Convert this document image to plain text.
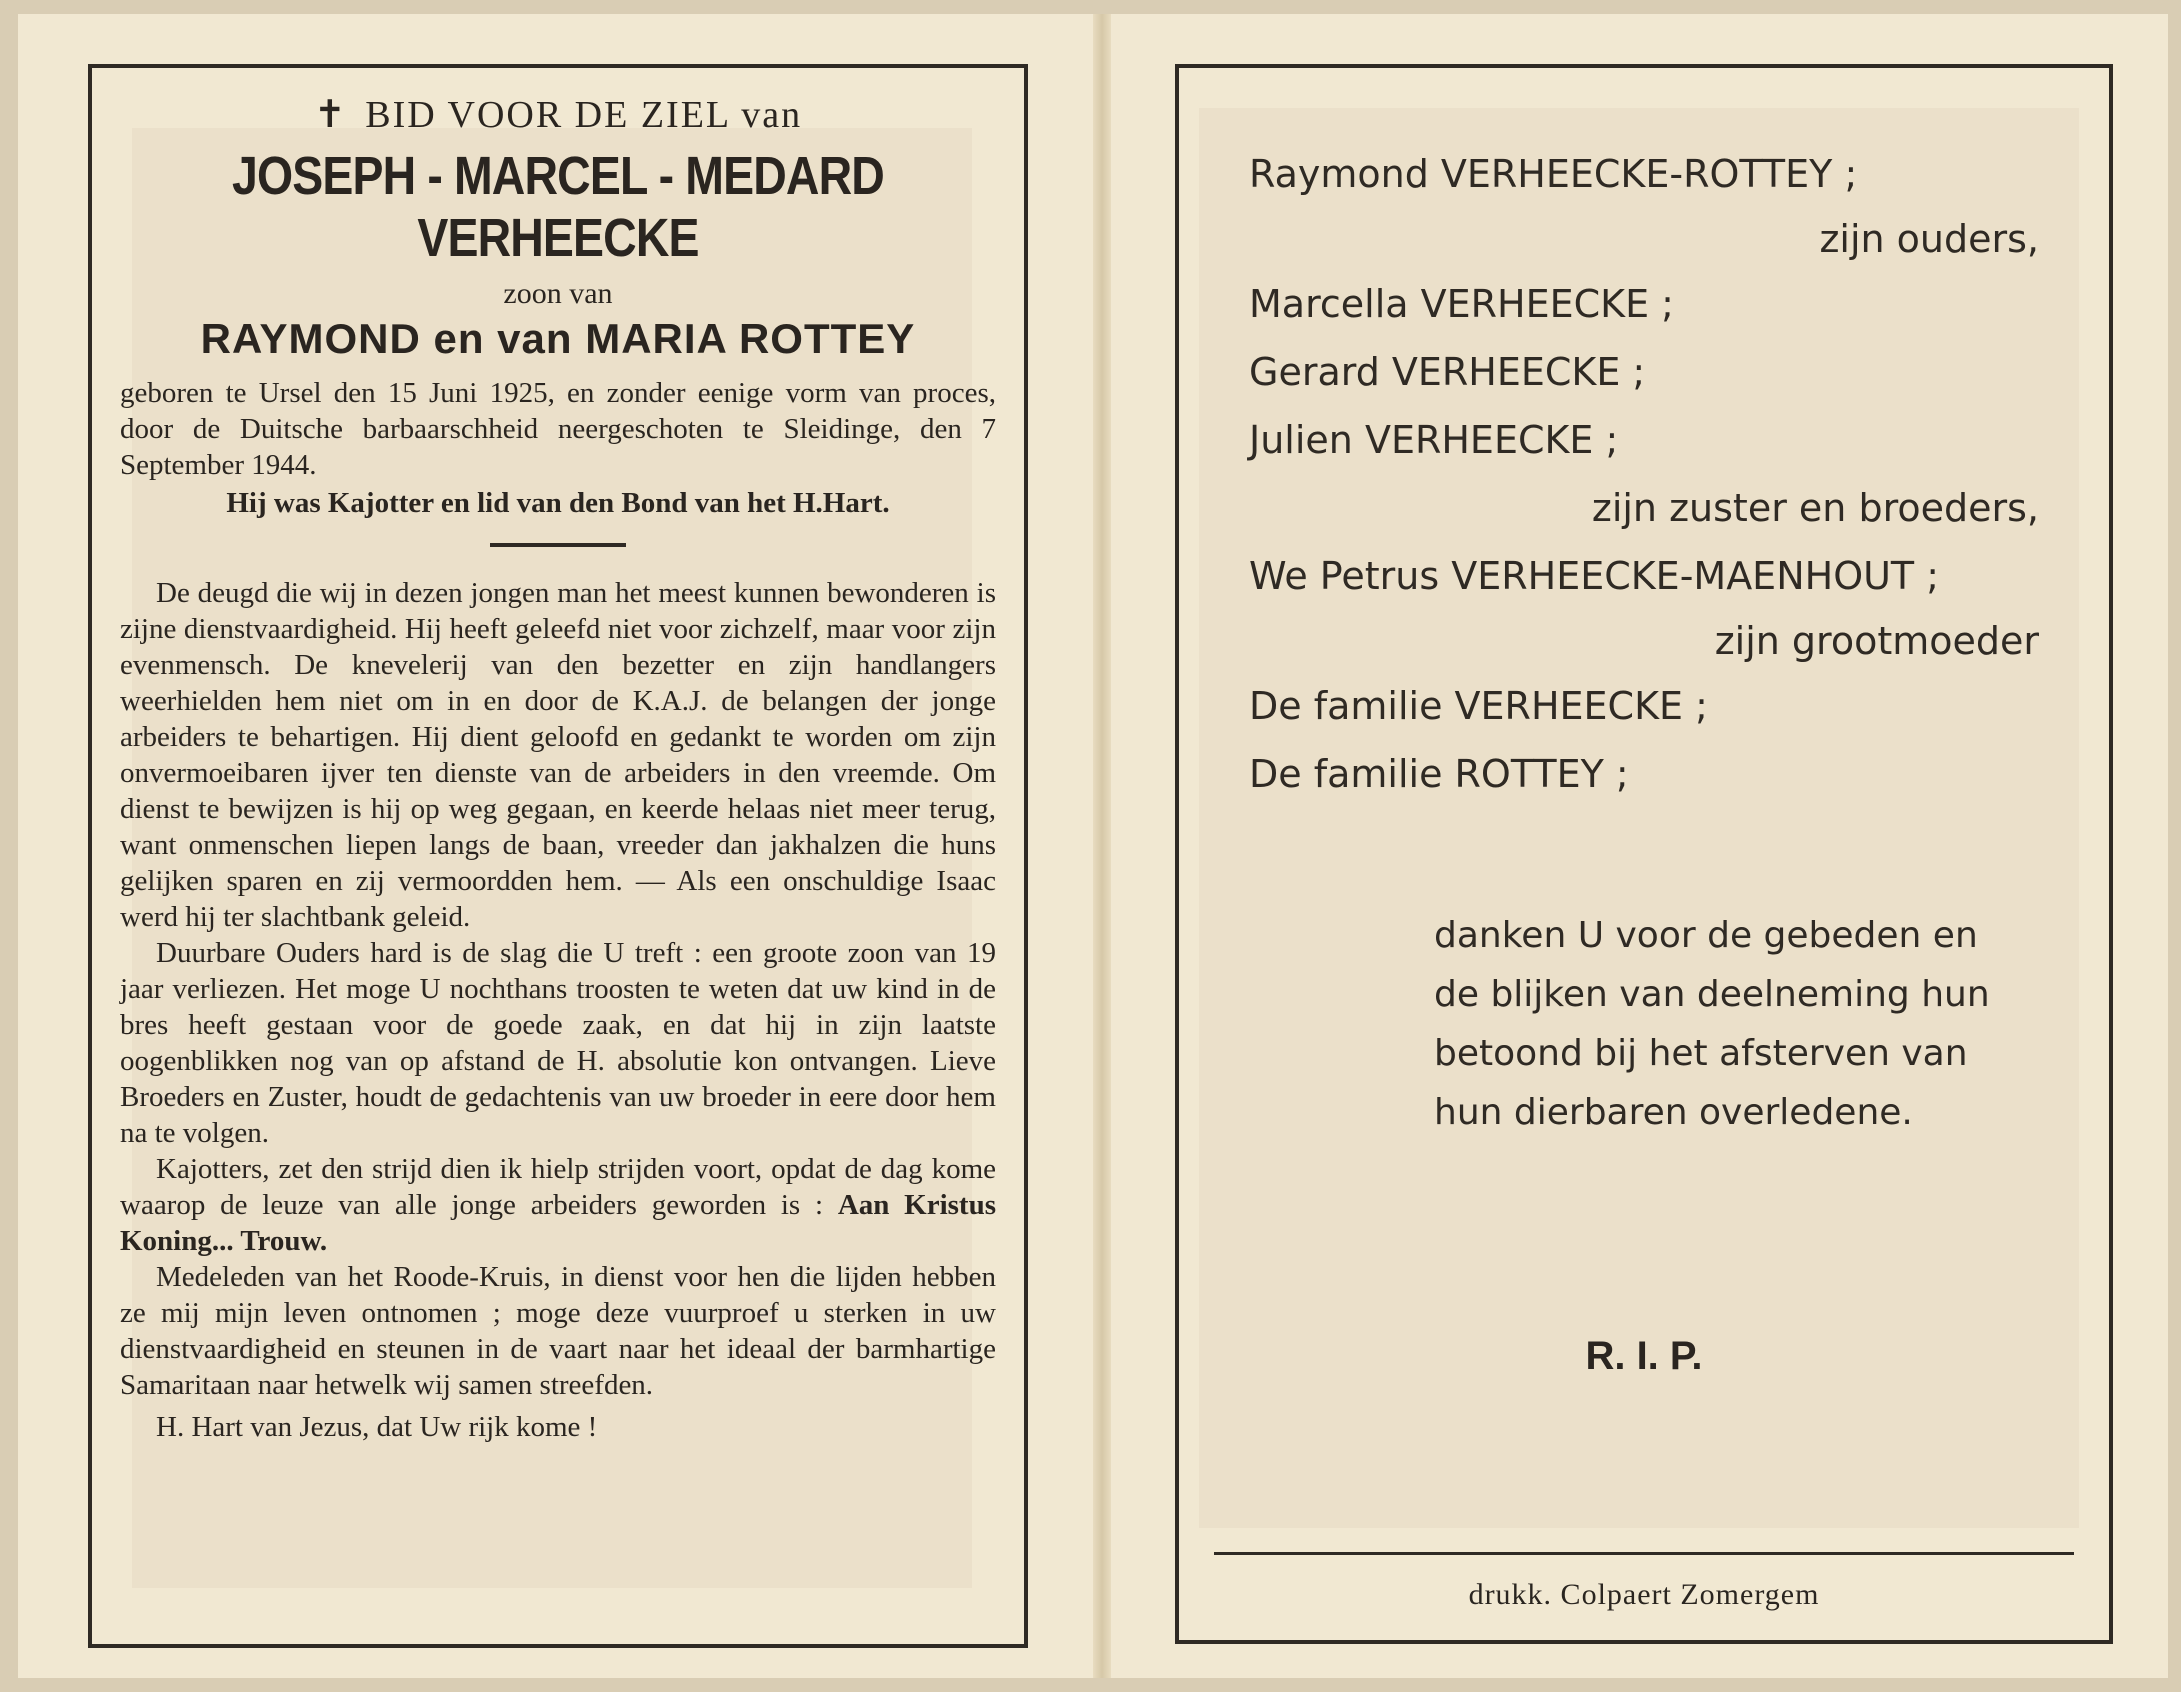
✝ BID VOOR DE ZIEL van
JOSEPH - MARCEL - MEDARD VERHEECKE
zoon van
RAYMOND en van MARIA ROTTEY

geboren te Ursel den 15 Juni 1925, en zonder eenige vorm van proces, door de Duitsche barbaarschheid neergeschoten te Sleidinge, den 7 September 1944.

Hij was Kajotter en lid van den Bond van het H.Hart.

De deugd die wij in dezen jongen man het meest kunnen bewonderen is zijne dienstvaardigheid. Hij heeft geleefd niet voor zichzelf, maar voor zijn evenmensch. De knevelerij van den bezetter en zijn handlangers weerhielden hem niet om in en door de K.A.J. de belangen der jonge arbeiders te behartigen. Hij dient geloofd en gedankt te worden om zijn onvermoeibaren ijver ten dienste van de arbeiders in den vreemde. Om dienst te bewijzen is hij op weg gegaan, en keerde helaas niet meer terug, want onmenschen liepen langs de baan, vreeder dan jakhalzen die huns gelijken sparen en zij vermoordden hem. — Als een onschuldige Isaac werd hij ter slachtbank geleid.

Duurbare Ouders hard is de slag die U treft : een groote zoon van 19 jaar verliezen. Het moge U nochthans troosten te weten dat uw kind in de bres heeft gestaan voor de goede zaak, en dat hij in zijn laatste oogenblikken nog van op afstand de H. absolutie kon ontvangen. Lieve Broeders en Zuster, houdt de gedachtenis van uw broeder in eere door hem na te volgen.

Kajotters, zet den strijd dien ik hielp strijden voort, opdat de dag kome waarop de leuze van alle jonge arbeiders geworden is : Aan Kristus Koning... Trouw.

Medeleden van het Roode-Kruis, in dienst voor hen die lijden hebben ze mij mijn leven ontnomen ; moge deze vuurproef u sterken in uw dienstvaardigheid en steunen in de vaart naar het ideaal der barmhartige Samaritaan naar hetwelk wij samen streefden.

H. Hart van Jezus, dat Uw rijk kome !

Raymond VERHEECKE-ROTTEY ;
zijn ouders,
Marcella VERHEECKE ;
Gerard VERHEECKE ;
Julien VERHEECKE ;
zijn zuster en broeders,
We Petrus VERHEECKE-MAENHOUT ;
zijn grootmoeder
De familie VERHEECKE ;
De familie ROTTEY ;
danken U voor de gebeden en de blijken van deelneming hun betoond bij het afsterven van hun dierbaren overledene.
R. I. P.
drukk. Colpaert Zomergem
